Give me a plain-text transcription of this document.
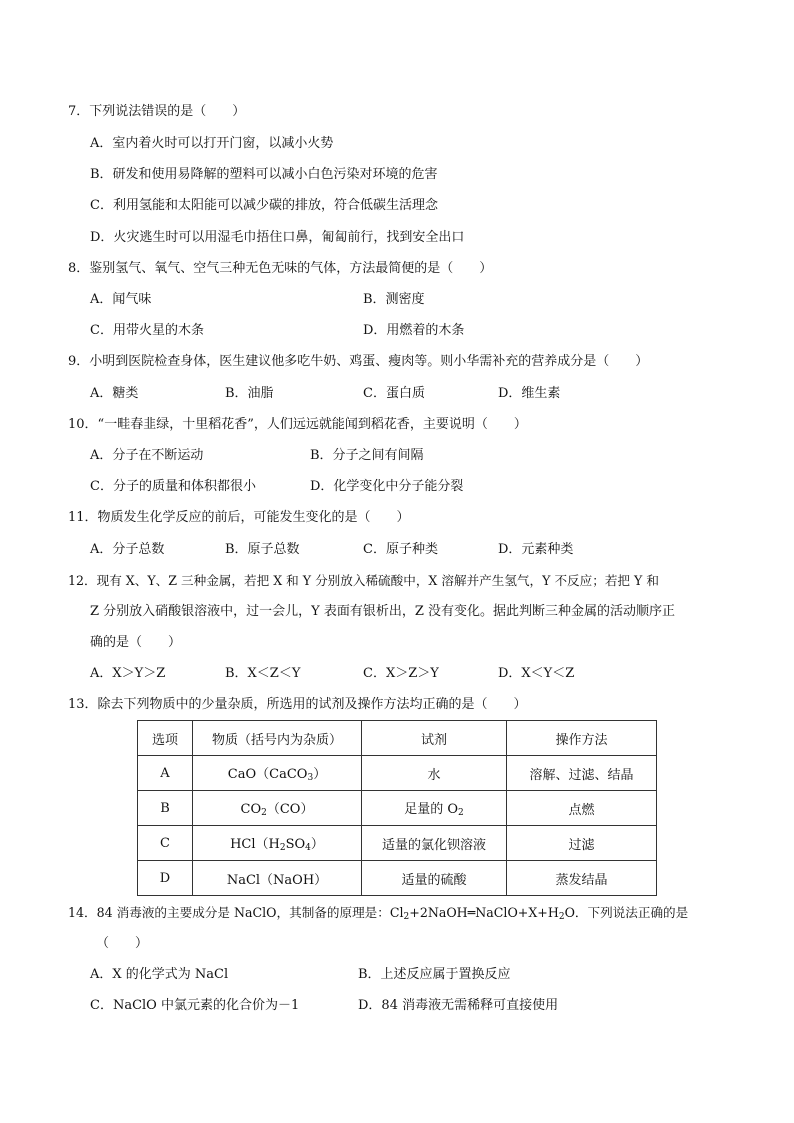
7．下列说法错误的是（　　）
A．室内着火时可以打开门窗，以减小火势
B．研发和使用易降解的塑料可以减小白色污染对环境的危害
C．利用氢能和太阳能可以减少碳的排放，符合低碳生活理念
D．火灾逃生时可以用湿毛巾捂住口鼻，匍匐前行，找到安全出口
8．鉴别氢气、氧气、空气三种无色无味的气体，方法最简便的是（　　）
A．闻气味	B．测密度
C．用带火星的木条	D．用燃着的木条
9．小明到医院检查身体，医生建议他多吃牛奶、鸡蛋、瘦肉等。则小华需补充的营养成分是（　　）
A．糖类	B．油脂	C．蛋白质	D．维生素
10．“一畦春韭绿，十里稻花香”，人们远远就能闻到稻花香，主要说明（　　）
A．分子在不断运动	B．分子之间有间隔
C．分子的质量和体积都很小	D．化学变化中分子能分裂
11．物质发生化学反应的前后，可能发生变化的是（　　）
A．分子总数	B．原子总数	C．原子种类	D．元素种类
12．现有 X、Y、Z 三种金属，若把 X 和 Y 分别放入稀硫酸中，X 溶解并产生氢气，Y 不反应；若把 Y 和
Z 分别放入硝酸银溶液中，过一会儿，Y 表面有银析出，Z 没有变化。据此判断三种金属的活动顺序正
确的是（　　）
A．X＞Y＞Z	B．X＜Z＜Y	C．X＞Z＞Y	D．X＜Y＜Z
13．除去下列物质中的少量杂质，所选用的试剂及操作方法均正确的是（　　）
选项	物质（括号内为杂质）	试剂	操作方法
A	CaO（CaCO$_3$）	水	溶解、过滤、结晶
B	$CO_2(CO)$	足量的 $O_2$	点燃
C	$HCl(H_2SO_4)$	适量的氯化钡溶液	过滤
D	NaCl（NaOH）	适量的硫酸	蒸发结晶
14．84 消毒液的主要成分是 NaClO，其制备的原理是：$Cl_2+2NaOH═NaClO+X+H_2O$．下列说法正确的是
（　　）
A．X 的化学式为 NaCl	B．上述反应属于置换反应
C．NaClO 中氯元素的化合价为－1	D．84 消毒液无需稀释可直接使用
